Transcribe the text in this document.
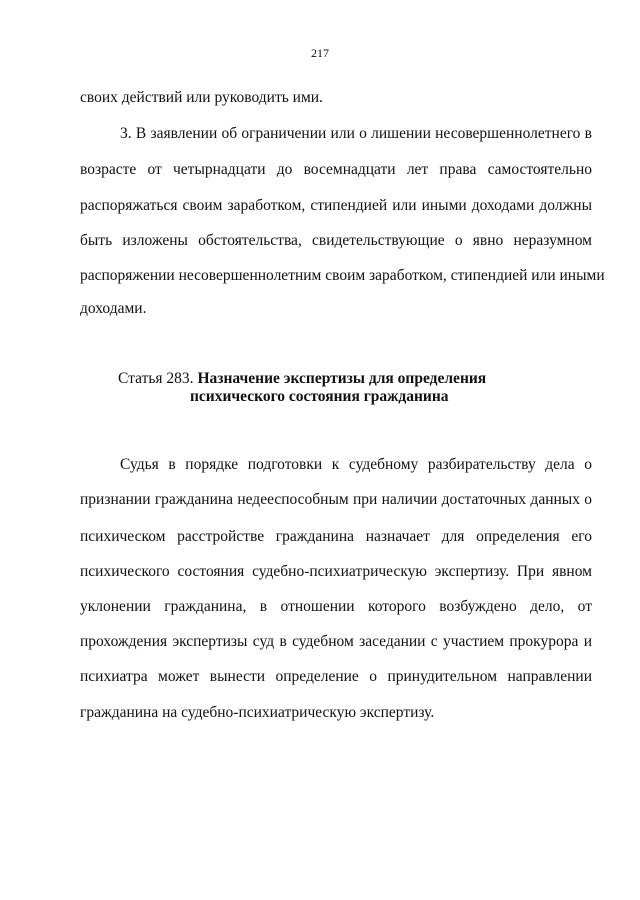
217
своих действий или руководить ими.
3. В заявлении об ограничении или о лишении несовершеннолетнего в
возрасте от четырнадцати до восемнадцати лет права самостоятельно
распоряжаться своим заработком, стипендией или иными доходами должны
быть изложены обстоятельства, свидетельствующие о явно неразумном
распоряжении несовершеннолетним своим заработком, стипендией или иными
доходами.
Статья 283. Назначение экспертизы для определения
психического состояния гражданина
Судья в порядке подготовки к судебному разбирательству дела о
признании гражданина недееспособным при наличии достаточных данных о
психическом расстройстве гражданина назначает для определения его
психического состояния судебно-психиатрическую экспертизу. При явном
уклонении гражданина, в отношении которого возбуждено дело, от
прохождения экспертизы суд в судебном заседании с участием прокурора и
психиатра может вынести определение о принудительном направлении
гражданина на судебно-психиатрическую экспертизу.
